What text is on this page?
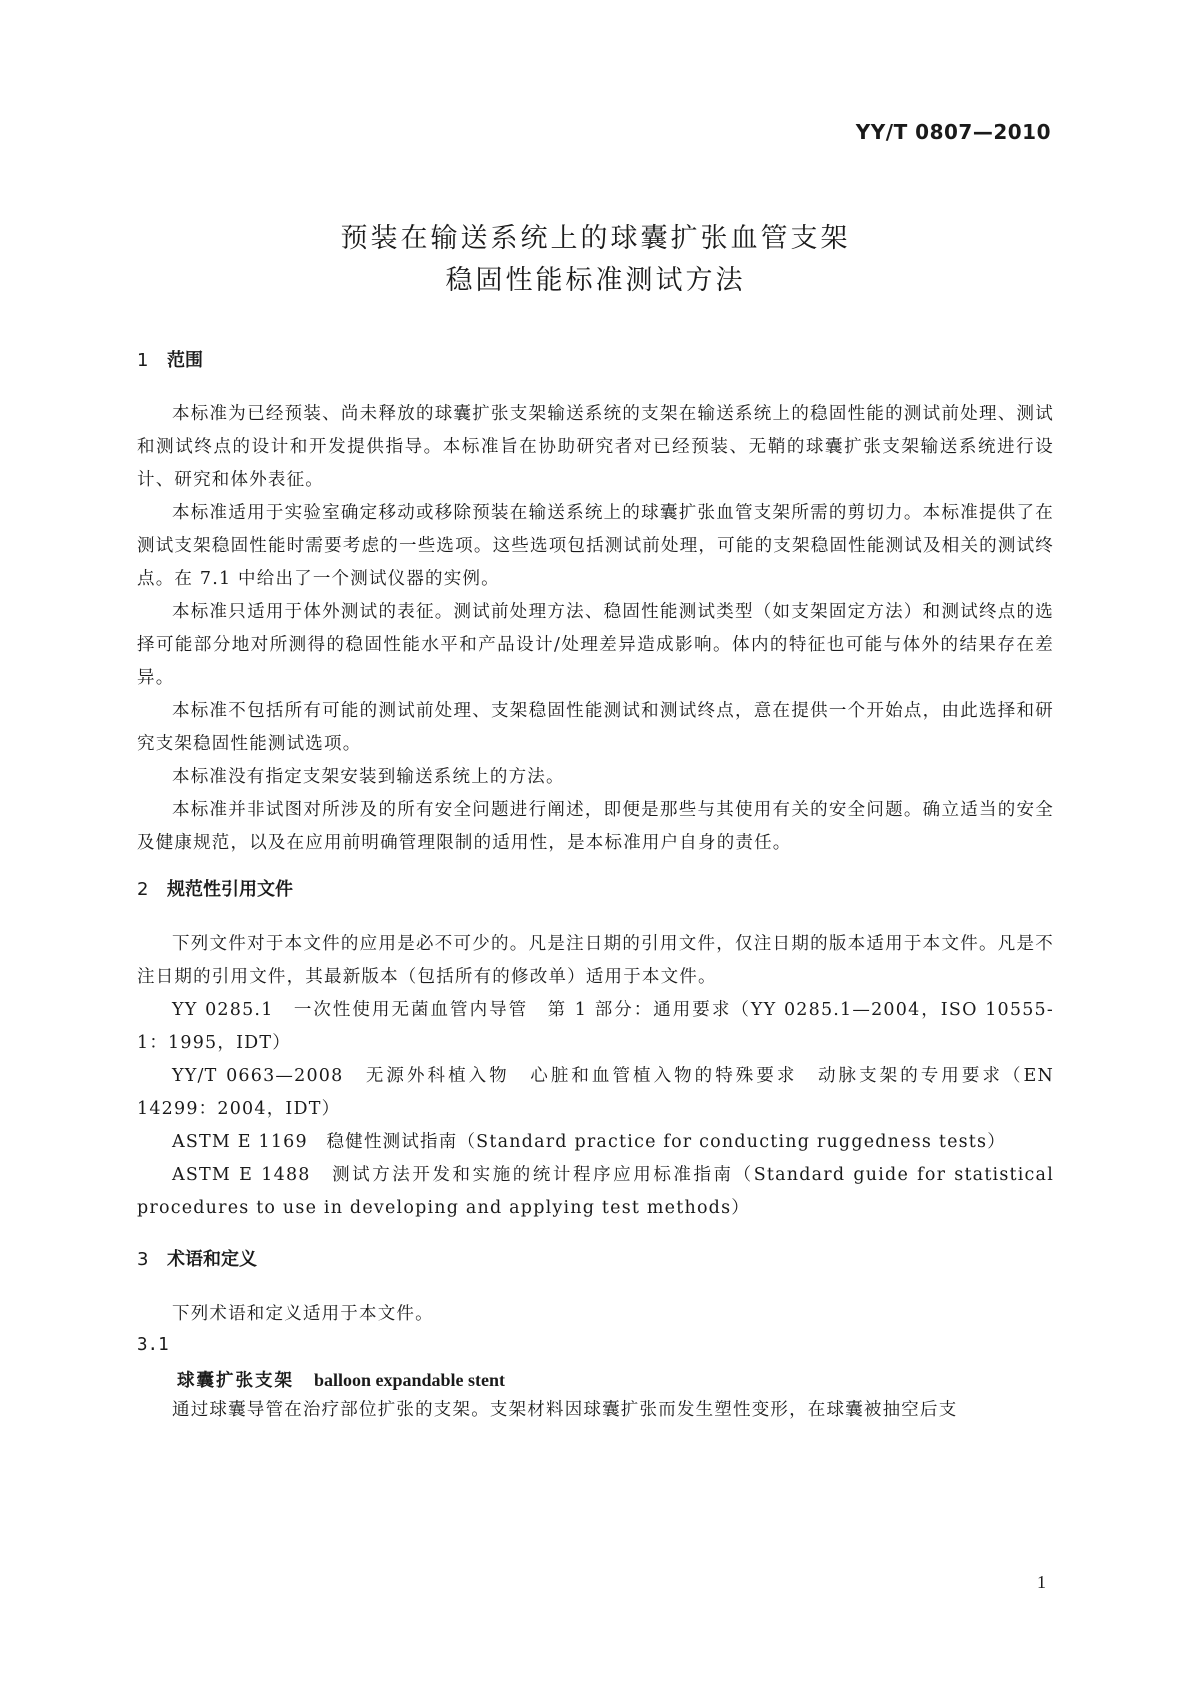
YY/T 0807—2010
预装在输送系统上的球囊扩张血管支架
稳固性能标准测试方法
1 范围

本标准为已经预装、尚未释放的球囊扩张支架输送系统的支架在输送系统上的稳固性能的测试前处理、测试和测试终点的设计和开发提供指导。本标准旨在协助研究者对已经预装、无鞘的球囊扩张支架输送系统进行设计、研究和体外表征。

本标准适用于实验室确定移动或移除预装在输送系统上的球囊扩张血管支架所需的剪切力。本标准提供了在测试支架稳固性能时需要考虑的一些选项。这些选项包括测试前处理，可能的支架稳固性能测试及相关的测试终点。在 7.1 中给出了一个测试仪器的实例。

本标准只适用于体外测试的表征。测试前处理方法、稳固性能测试类型（如支架固定方法）和测试终点的选择可能部分地对所测得的稳固性能水平和产品设计/处理差异造成影响。体内的特征也可能与体外的结果存在差异。

本标准不包括所有可能的测试前处理、支架稳固性能测试和测试终点，意在提供一个开始点，由此选择和研究支架稳固性能测试选项。

本标准没有指定支架安装到输送系统上的方法。

本标准并非试图对所涉及的所有安全问题进行阐述，即便是那些与其使用有关的安全问题。确立适当的安全及健康规范，以及在应用前明确管理限制的适用性，是本标准用户自身的责任。

2 规范性引用文件

下列文件对于本文件的应用是必不可少的。凡是注日期的引用文件，仅注日期的版本适用于本文件。凡是不注日期的引用文件，其最新版本（包括所有的修改单）适用于本文件。

YY 0285.1　一次性使用无菌血管内导管　第 1 部分：通用要求（YY 0285.1—2004，ISO 10555-1：1995，IDT）

YY/T 0663—2008　无源外科植入物　心脏和血管植入物的特殊要求　动脉支架的专用要求（EN 14299：2004，IDT）

ASTM E 1169　稳健性测试指南（Standard practice for conducting ruggedness tests）

ASTM E 1488　测试方法开发和实施的统计程序应用标准指南（Standard guide for statistical procedures to use in developing and applying test methods）

3 术语和定义

下列术语和定义适用于本文件。

3.1
球囊扩张支架 balloon expandable stent

通过球囊导管在治疗部位扩张的支架。支架材料因球囊扩张而发生塑性变形，在球囊被抽空后支

1
